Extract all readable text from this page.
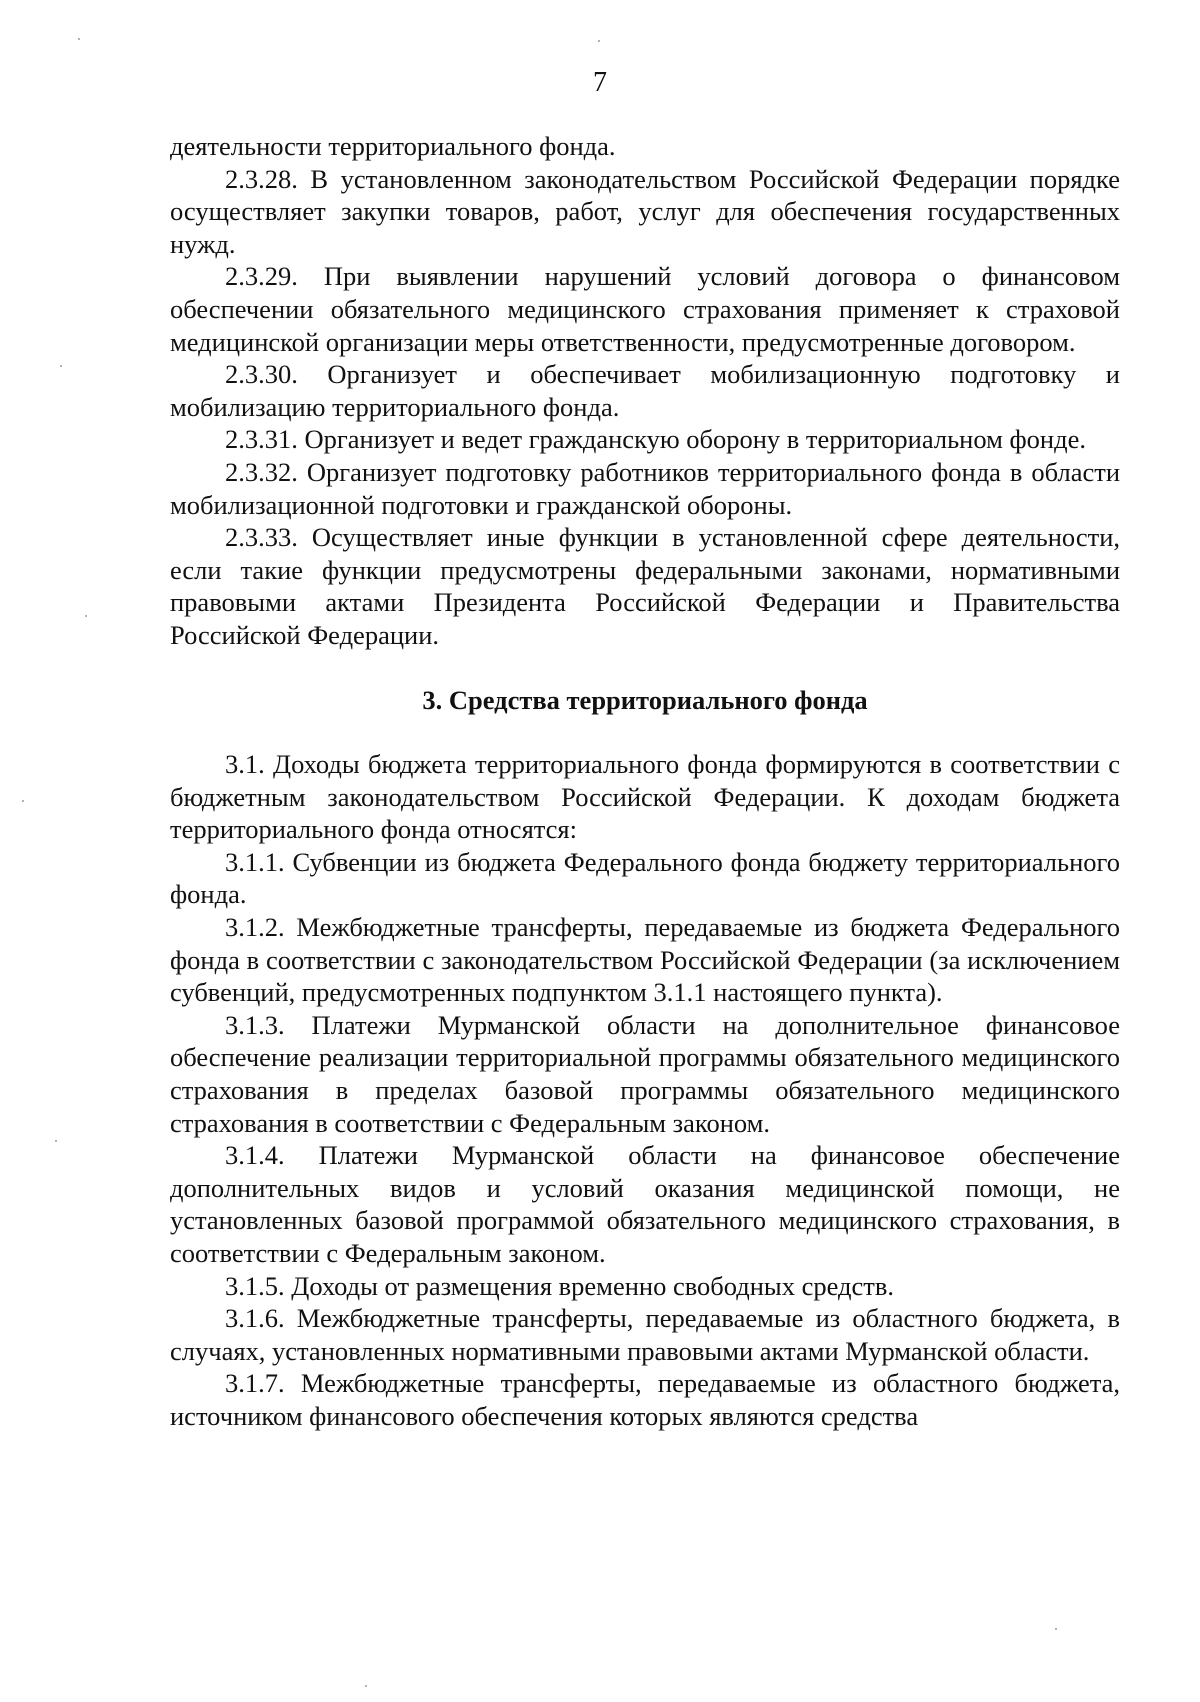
7

деятельности территориального фонда.

2.3.28. В установленном законодательством Российской Федерации порядке осуществляет закупки товаров, работ, услуг для обеспечения государственных нужд.

2.3.29. При выявлении нарушений условий договора о финансовом обеспечении обязательного медицинского страхования применяет к страховой медицинской организации меры ответственности, предусмотренные договором.

2.3.30. Организует и обеспечивает мобилизационную подготовку и мобилизацию территориального фонда.

2.3.31. Организует и ведет гражданскую оборону в территориальном фонде.

2.3.32. Организует подготовку работников территориального фонда в области мобилизационной подготовки и гражданской обороны.

2.3.33. Осуществляет иные функции в установленной сфере деятельности, если такие функции предусмотрены федеральными законами, нормативными правовыми актами Президента Российской Федерации и Правительства Российской Федерации.

3. Средства территориального фонда

3.1. Доходы бюджета территориального фонда формируются в соответствии с бюджетным законодательством Российской Федерации. К доходам бюджета территориального фонда относятся:

3.1.1. Субвенции из бюджета Федерального фонда бюджету территориального фонда.

3.1.2. Межбюджетные трансферты, передаваемые из бюджета Федерального фонда в соответствии с законодательством Российской Федерации (за исключением субвенций, предусмотренных подпунктом 3.1.1 настоящего пункта).

3.1.3. Платежи Мурманской области на дополнительное финансовое обеспечение реализации территориальной программы обязательного медицинского страхования в пределах базовой программы обязательного медицинского страхования в соответствии с Федеральным законом.

3.1.4. Платежи Мурманской области на финансовое обеспечение дополнительных видов и условий оказания медицинской помощи, не установленных базовой программой обязательного медицинского страхования, в соответствии с Федеральным законом.

3.1.5. Доходы от размещения временно свободных средств.

3.1.6. Межбюджетные трансферты, передаваемые из областного бюджета, в случаях, установленных нормативными правовыми актами Мурманской области.

3.1.7. Межбюджетные трансферты, передаваемые из областного бюджета, источником финансового обеспечения которых являются средства
